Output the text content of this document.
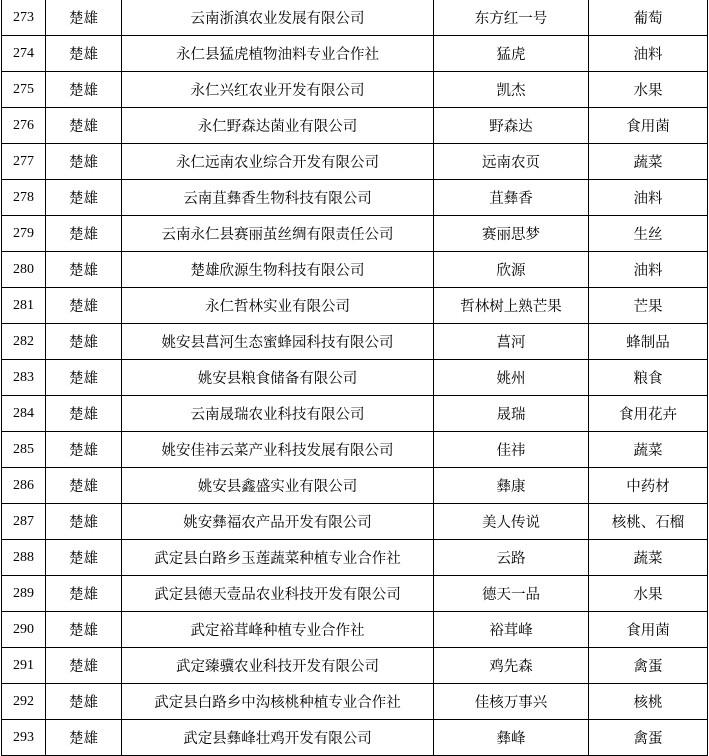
273	楚雄	云南浙滇农业发展有限公司	东方红一号	葡萄
274	楚雄	永仁县猛虎植物油料专业合作社	猛虎	油料
275	楚雄	永仁兴红农业开发有限公司	凯杰	水果
276	楚雄	永仁野森达菌业有限公司	野森达	食用菌
277	楚雄	永仁远南农业综合开发有限公司	远南农页	蔬菜
278	楚雄	云南苴彝香生物科技有限公司	苴彝香	油料
279	楚雄	云南永仁县赛丽茧丝绸有限责任公司	赛丽思梦	生丝
280	楚雄	楚雄欣源生物科技有限公司	欣源	油料
281	楚雄	永仁哲林实业有限公司	哲林树上熟芒果	芒果
282	楚雄	姚安县菖河生态蜜蜂园科技有限公司	菖河	蜂制品
283	楚雄	姚安县粮食储备有限公司	姚州	粮食
284	楚雄	云南晟瑞农业科技有限公司	晟瑞	食用花卉
285	楚雄	姚安佳祎云菜产业科技发展有限公司	佳祎	蔬菜
286	楚雄	姚安县鑫盛实业有限公司	彝康	中药材
287	楚雄	姚安彝福农产品开发有限公司	美人传说	核桃、石榴
288	楚雄	武定县白路乡玉莲蔬菜种植专业合作社	云路	蔬菜
289	楚雄	武定县德天壹品农业科技开发有限公司	德天一品	水果
290	楚雄	武定裕茸峰种植专业合作社	裕茸峰	食用菌
291	楚雄	武定臻骥农业科技开发有限公司	鸡先森	禽蛋
292	楚雄	武定县白路乡中沟核桃种植专业合作社	佳核万事兴	核桃
293	楚雄	武定县彝峰壮鸡开发有限公司	彝峰	禽蛋
